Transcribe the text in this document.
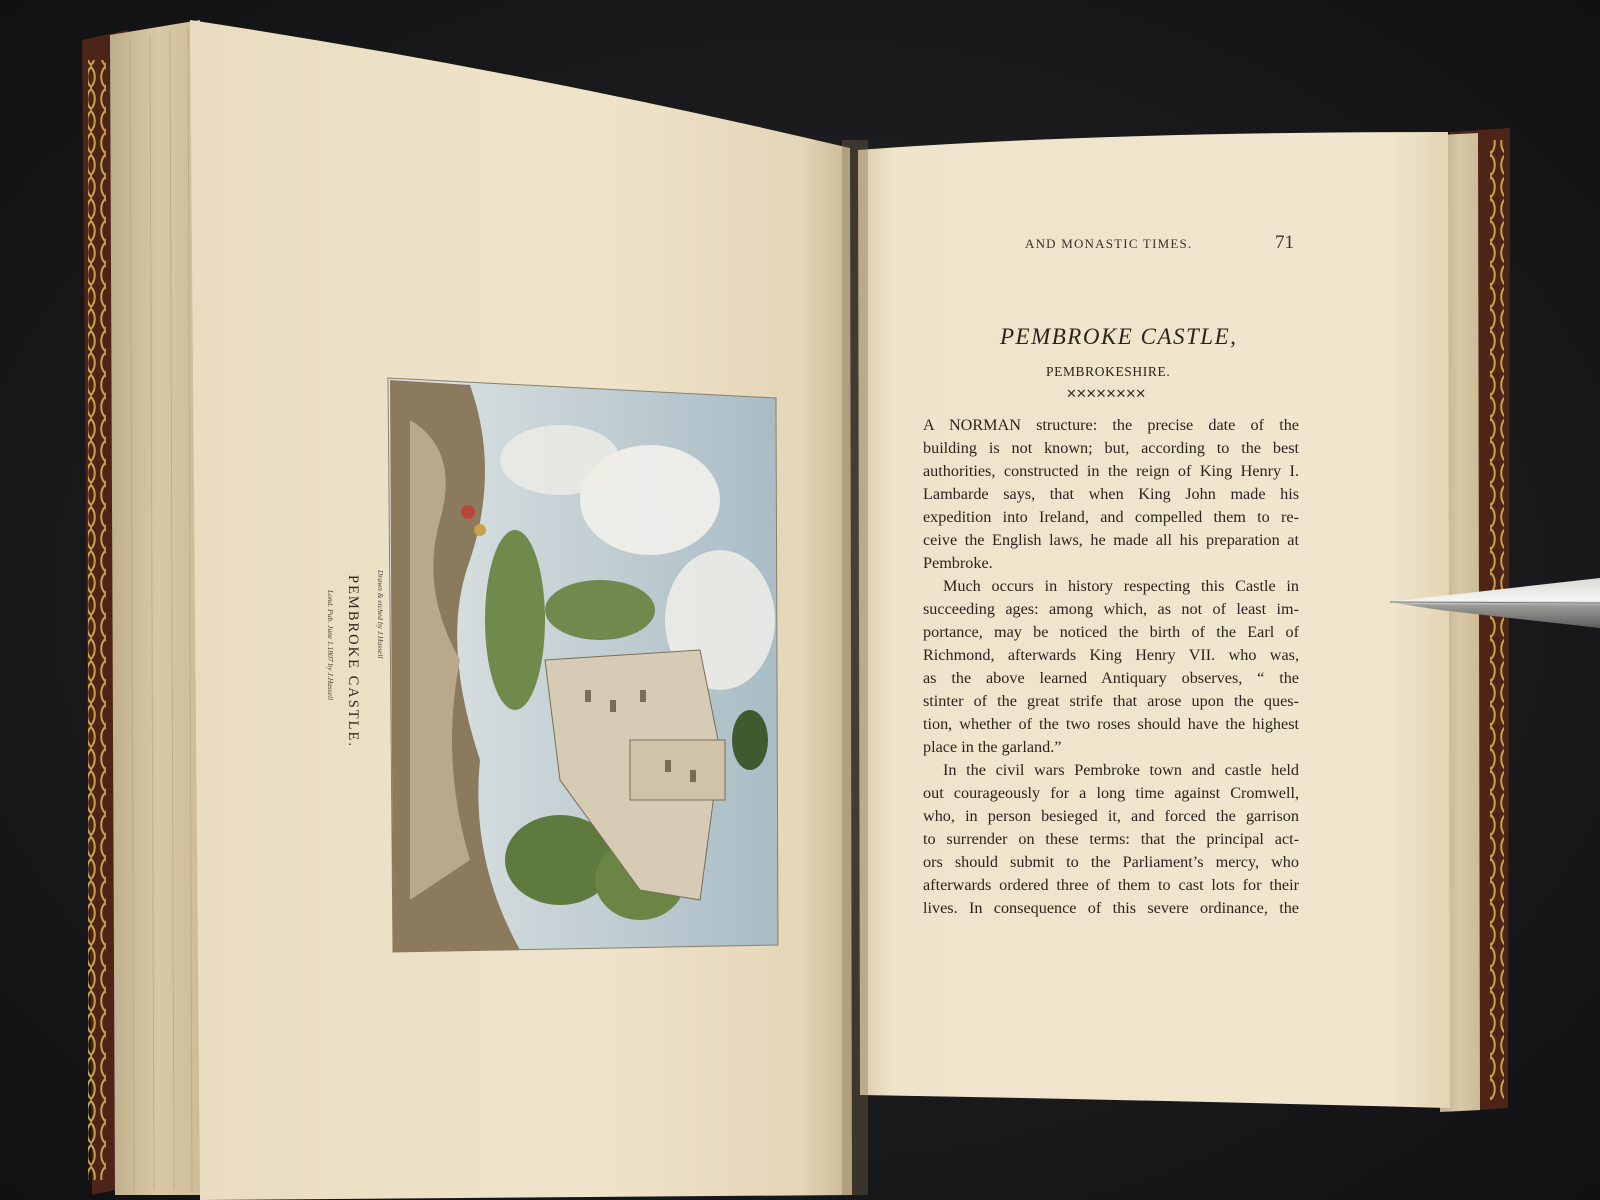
Drawn & etched by J.Hassell
PEMBROKE CASTLE.
Lond. Pub. June 1.1807 by J.Hassell
AND MONASTIC TIMES.	71
PEMBROKE CASTLE,
PEMBROKESHIRE.
✕✕✕✕✕✕✕✕
A NORMAN structure: the precise date of the
building is not known; but, according to the best
authorities, constructed in the reign of King Henry I.
Lambarde says, that when King John made his
expedition into Ireland, and compelled them to re-
ceive the English laws, he made all his preparation at
Pembroke.
Much occurs in history respecting this Castle in
succeeding ages: among which, as not of least im-
portance, may be noticed the birth of the Earl of
Richmond, afterwards King Henry VII. who was,
as the above learned Antiquary observes, “ the
stinter of the great strife that arose upon the ques-
tion, whether of the two roses should have the highest
place in the garland.”
In the civil wars Pembroke town and castle held
out courageously for a long time against Cromwell,
who, in person besieged it, and forced the garrison
to surrender on these terms: that the principal act-
ors should submit to the Parliament’s mercy, who
afterwards ordered three of them to cast lots for their
lives. In consequence of this severe ordinance, the
